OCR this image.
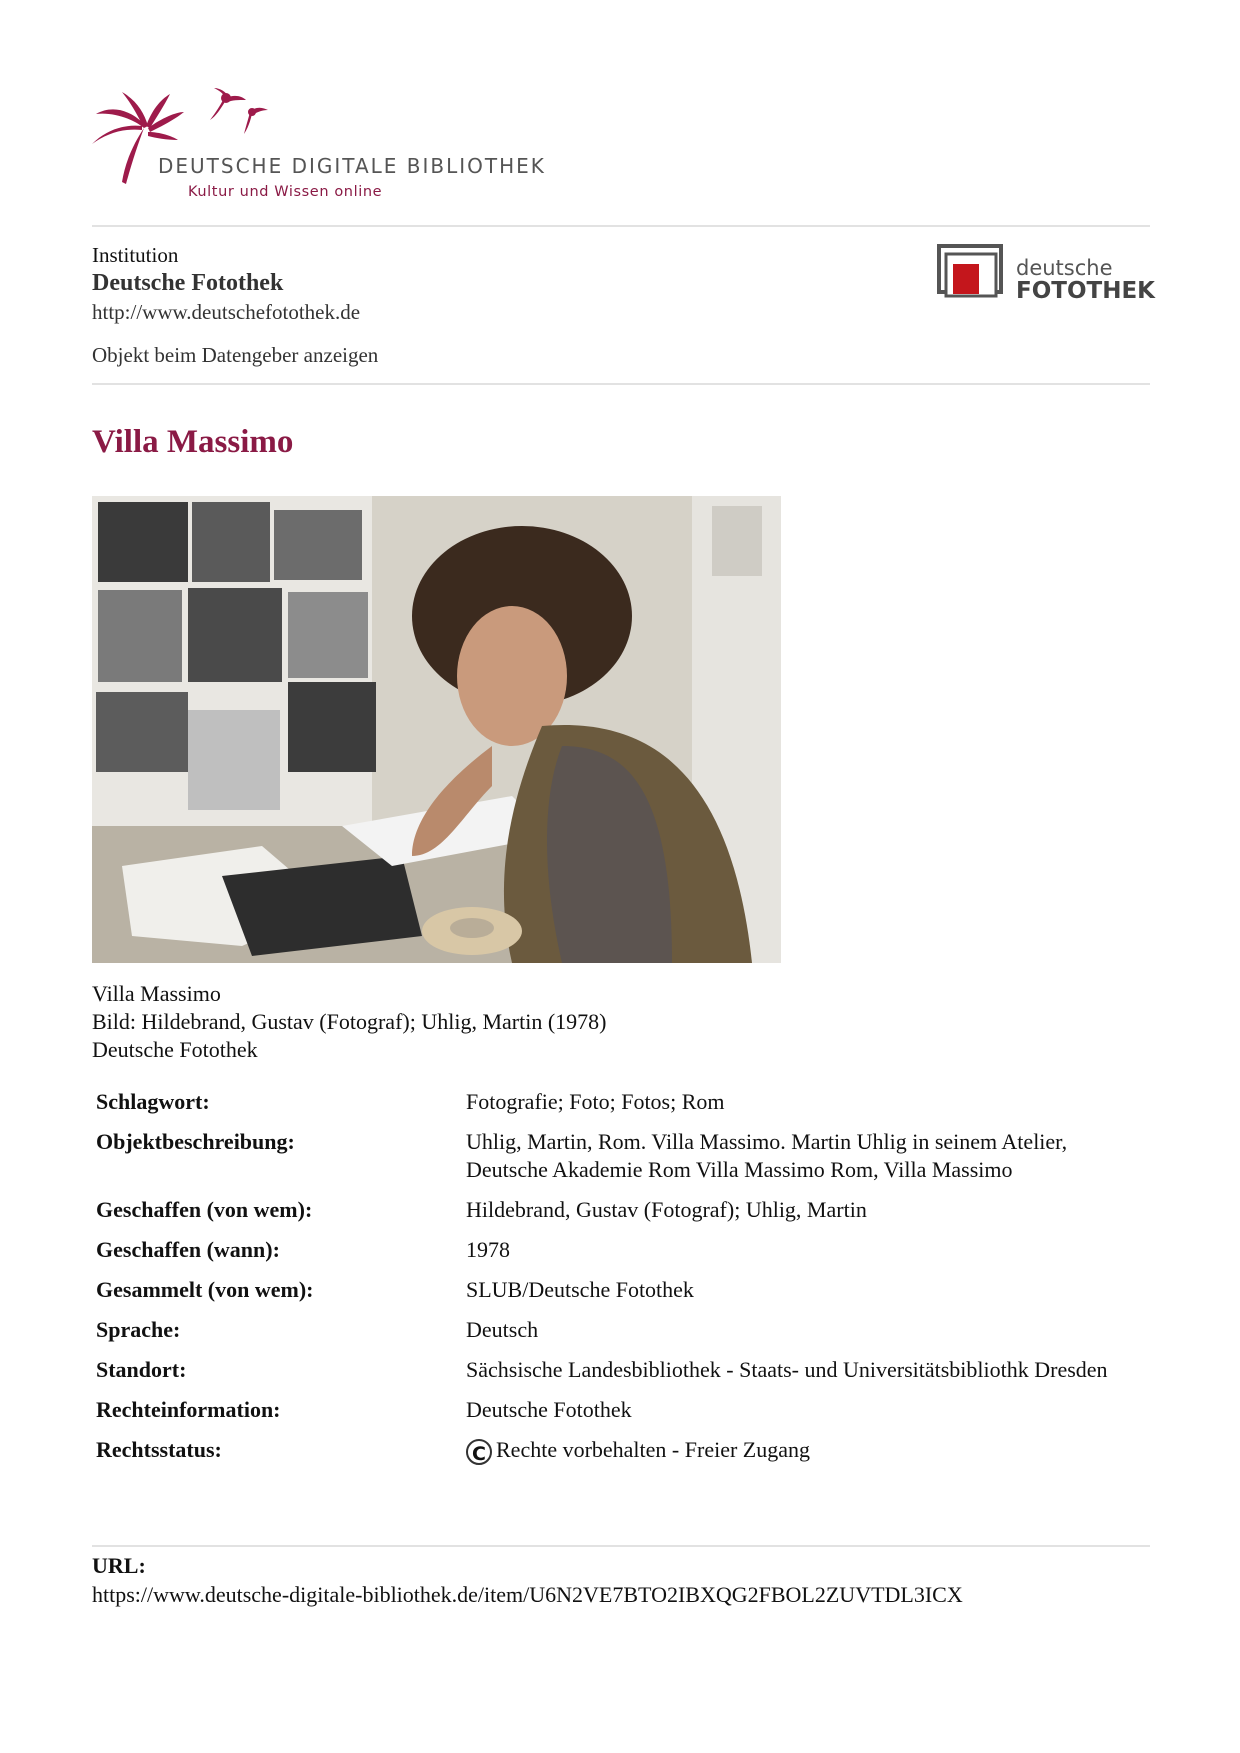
DEUTSCHE DIGITALE BIBLIOTHEK
Kultur und Wissen online
Institution
Deutsche Fotothek
http://www.deutschefotothek.de
Objekt beim Datengeber anzeigen
deutsche
FOTOTHEK
Villa Massimo
Villa Massimo
Bild: Hildebrand, Gustav (Fotograf); Uhlig, Martin (1978)
Deutsche Fotothek
Schlagwort:	Fotografie; Foto; Fotos; Rom
Objektbeschreibung:	Uhlig, Martin, Rom. Villa Massimo. Martin Uhlig in seinem Atelier, Deutsche Akademie Rom Villa Massimo Rom, Villa Massimo
Geschaffen (von wem):	Hildebrand, Gustav (Fotograf); Uhlig, Martin
Geschaffen (wann):	1978
Gesammelt (von wem):	SLUB/Deutsche Fotothek
Sprache:	Deutsch
Standort:	Sächsische Landesbibliothek - Staats- und Universitätsbibliothk Dresden
Rechteinformation:	Deutsche Fotothek
Rechtsstatus:	C Rechte vorbehalten - Freier Zugang
URL:
https://www.deutsche-digitale-bibliothek.de/item/U6N2VE7BTO2IBXQG2FBOL2ZUVTDL3ICX
